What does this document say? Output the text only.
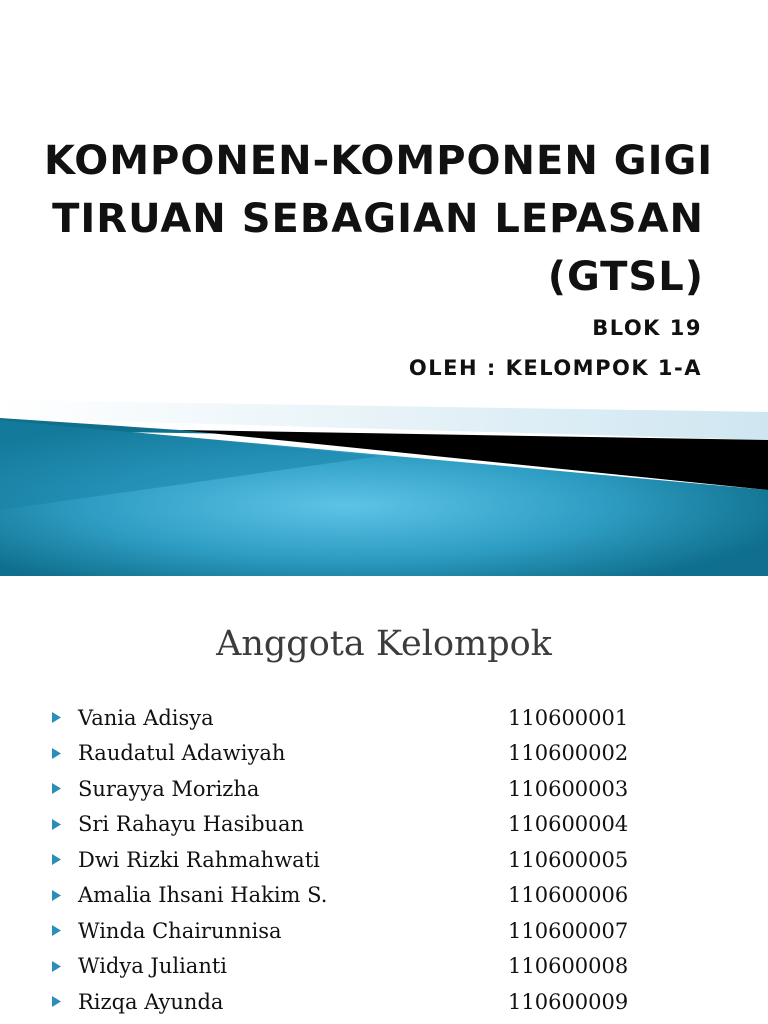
KOMPONEN-KOMPONEN GIGI
TIRUAN SEBAGIAN LEPASAN
(GTSL)
BLOK 19
OLEH : KELOMPOK 1-A
Anggota Kelompok
Vania Adisya	110600001
Raudatul Adawiyah	110600002
Surayya Morizha	110600003
Sri Rahayu Hasibuan	110600004
Dwi Rizki Rahmahwati	110600005
Amalia Ihsani Hakim S.	110600006
Winda Chairunnisa	110600007
Widya Julianti	110600008
Rizqa Ayunda	110600009
